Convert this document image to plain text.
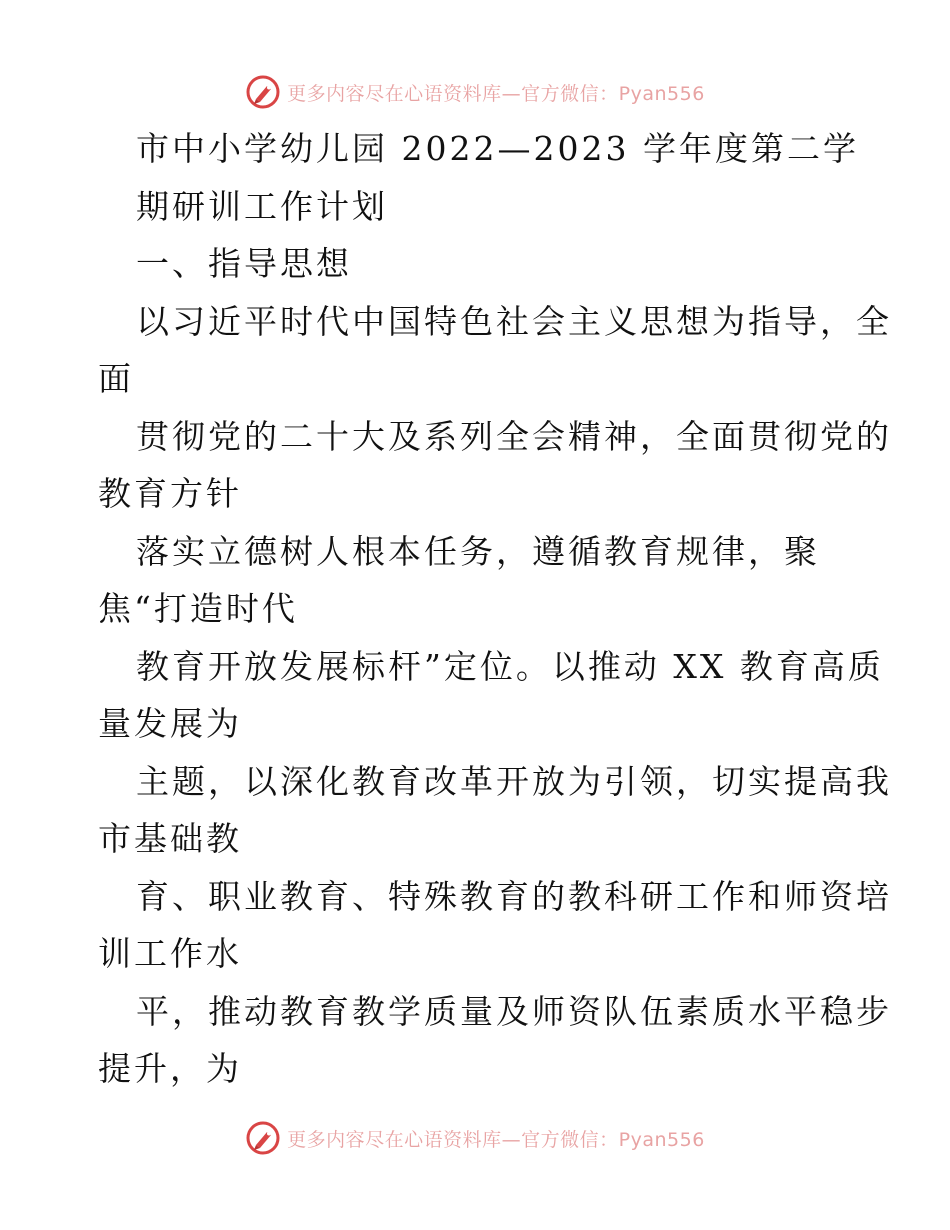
更多内容尽在心语资料库—官方微信：Pyan556
市中小学幼儿园 2022—2023 学年度第二学
期研训工作计划
一、指导思想
以习近平时代中国特色社会主义思想为指导，全
面
贯彻党的二十大及系列全会精神，全面贯彻党的
教育方针
落实立德树人根本任务，遵循教育规律，聚
焦“打造时代
教育开放发展标杆”定位。以推动 XX 教育高质
量发展为
主题，以深化教育改革开放为引领，切实提高我
市基础教
育、职业教育、特殊教育的教科研工作和师资培
训工作水
平，推动教育教学质量及师资队伍素质水平稳步
提升，为
更多内容尽在心语资料库—官方微信：Pyan556
